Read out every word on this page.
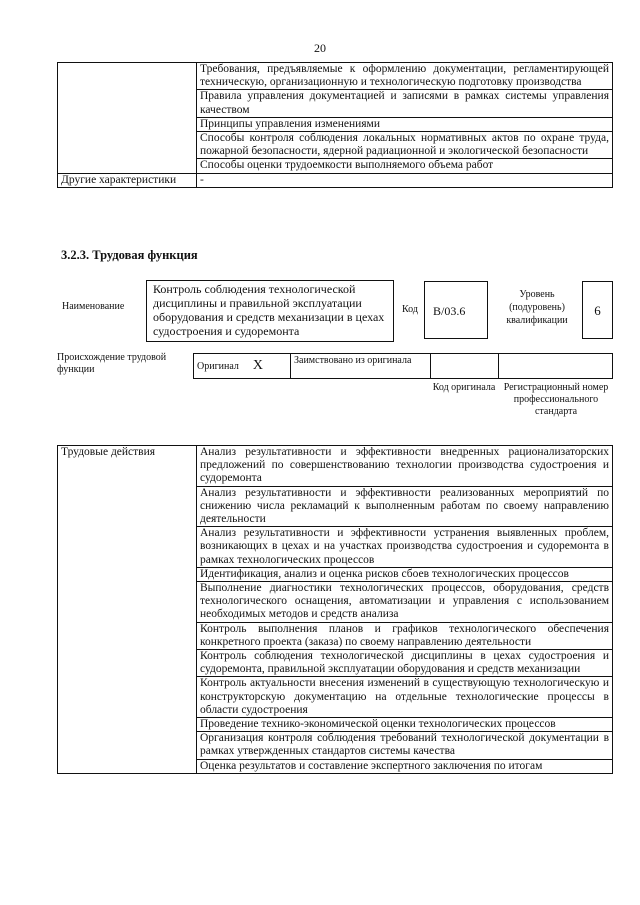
20
	Требования, предъявляемые к оформлению документации, регламентирующей техническую, организационную и технологическую подготовку производства
	Правила управления документацией и записями в рамках системы управления качеством
	Принципы управления изменениями
	Способы контроля соблюдения локальных нормативных актов по охране труда, пожарной безопасности, ядерной радиационной и экологической безопасности
	Способы оценки трудоемкости выполняемого объема работ
Другие характеристики	-
3.2.3. Трудовая функция
Наименование
Контроль соблюдения технологической дисциплины и правильной эксплуатации оборудования и средств механизации в цехах судостроения и судоремонта
Код	B/03.6
Уровень (подуровень) квалификации
6
Происхождение трудовой функции	Оригинал X	Заимствовано из оригинала		
Код оригинала Регистрационный номер профессионального стандарта
Трудовые действия	Анализ результативности и эффективности внедренных рационализаторских предложений по совершенствованию технологии производства судостроения и судоремонта
Анализ результативности и эффективности реализованных мероприятий по снижению числа рекламаций к выполненным работам по своему направлению деятельности
Анализ результативности и эффективности устранения выявленных проблем, возникающих в цехах и на участках производства судостроения и судоремонта в рамках технологических процессов
Идентификация, анализ и оценка рисков сбоев технологических процессов
Выполнение диагностики технологических процессов, оборудования, средств технологического оснащения, автоматизации и управления с использованием необходимых методов и средств анализа
Контроль выполнения планов и графиков технологического обеспечения конкретного проекта (заказа) по своему направлению деятельности
Контроль соблюдения технологической дисциплины в цехах судостроения и судоремонта, правильной эксплуатации оборудования и средств механизации
Контроль актуальности внесения изменений в существующую технологическую и конструкторскую документацию на отдельные технологические процессы в области судостроения
Проведение технико-экономической оценки технологических процессов
Организация контроля соблюдения требований технологической документации в рамках утвержденных стандартов системы качества
Оценка результатов и составление экспертного заключения по итогам
